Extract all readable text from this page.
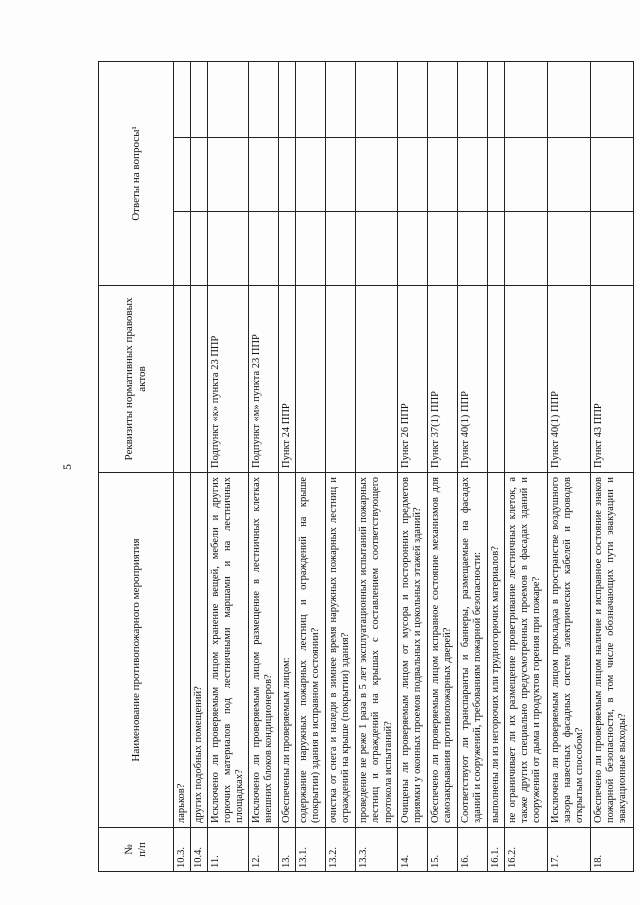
5
№
п/п	Наименование противопожарного мероприятия	Реквизиты нормативных правовых актов	Ответы на вопросы¹		
10.3.	ларьков?				
10.4.	других подобных помещений?				
11.	Исключено ли проверяемым лицом хранение вещей, мебели и других горючих материалов под лестничными маршами и на лестничных площадках?	Подпункт «к» пункта 23 ППР			
12.	Исключено ли проверяемым лицом размещение в лестничных клетках внешних блоков кондиционеров?	Подпункт «м» пункта 23 ППР			
13.	Обеспечены ли проверяемым лицом:	Пункт 24 ППР			
13.1.	содержание наружных пожарных лестниц и ограждений на крыше (покрытии) здания в исправном состоянии?				
13.2.	очистка от снега и наледи в зимнее время наружных пожарных лестниц и ограждений на крыше (покрытии) здания?				
13.3.	проведение не реже 1 раза в 5 лет эксплуатационных испытаний пожарных лестниц и ограждений на крышах с составлением соответствующего протокола испытаний?				
14.	Очищены ли проверяемым лицом от мусора и посторонних предметов приямки у оконных проемов подвальных и цокольных этажей зданий?	Пункт 26 ППР			
15.	Обеспечено ли проверяемым лицом исправное состояние механизмов для самозакрывания противопожарных дверей?	Пункт 37(1) ППР			
16.	Соответствуют ли транспаранты и баннеры, размещаемые на фасадах зданий и сооружений, требованиям пожарной безопасности:	Пункт 40(1) ППР			
16.1.	выполнены ли из негорючих или трудногорючих материалов?				
16.2.	не ограничивает ли их размещение проветривание лестничных клеток, а также других специально предусмотренных проемов в фасадах зданий и сооружений от дыма и продуктов горения при пожаре?				
17.	Исключена ли проверяемым лицом прокладка в пространстве воздушного зазора навесных фасадных систем электрических кабелей и проводов открытым способом?	Пункт 40(1) ППР			
18.	Обеспечено ли проверяемым лицом наличие и исправное состояние знаков пожарной безопасности, в том числе обозначающих пути эвакуации и эвакуационные выходы?	Пункт 43 ППР			
